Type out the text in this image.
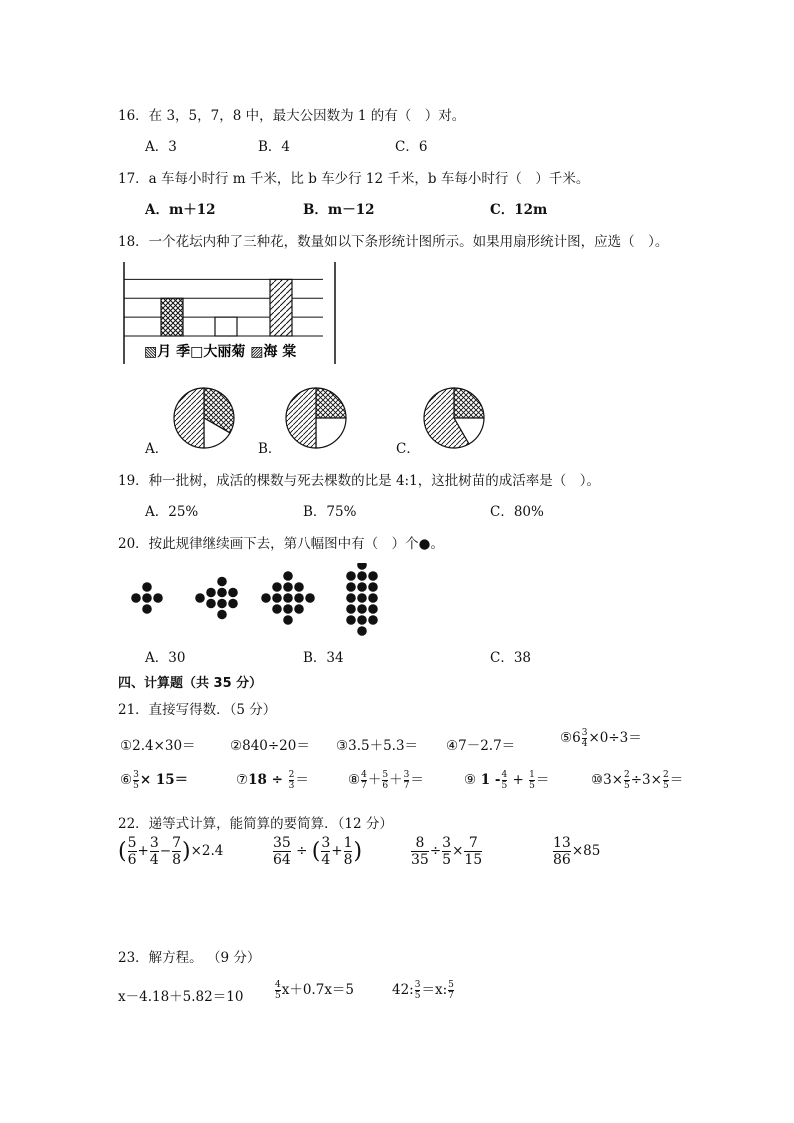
16．在 3，5，7，8 中，最大公因数为 1 的有（　）对。
A．3	B．4	C．6
17．a 车每小时行 m 千米，比 b 车少行 12 千米，b 车每小时行（　）千米。
A．m＋12	B．m－12	C．12m
18．一个花坛内种了三种花，数量如以下条形统计图所示。如果用扇形统计图，应选（　）。
▧月 季□大丽菊 ▨海 棠
A．	B．	C．
19．种一批树，成活的棵数与死去棵数的比是 4:1，这批树苗的成活率是（　）。
A．25%	B．75%	C．80%
20．按此规律继续画下去，第八幅图中有（　）个●。
A．30	B．34	C．38
四、计算题（共 35 分）
21．直接写得数．（5 分）
①2.4×30＝	②840÷20＝ ③3.5＋5.3＝ ④7－2.7＝	⑤6 $\frac{3}{4} \times 0\div 3=$
⑥ $\frac{3}{5} \times 15=$	⑦18 ÷ $\frac{2}{3}$ ＝	⑧ $\frac{4}{7} + \frac{5}{6} + \frac{3}{7}$ ＝	⑨ $1 - \frac{4}{5} + \frac{1}{5}$ ＝	⑩3× $\frac{2}{5} \div 3\times \frac{2}{5}$ ＝
22．递等式计算，能简算的要简算．（12 分）
( $\frac{5}{6} + \frac{3}{4} - \frac{7}{8} )\times 2.4$	$\frac{35}{64}$ ÷ ( $\frac{3}{4} + \frac{1}{8}$ )	$\frac{8}{35} \div \frac{3}{5} \times \frac{7}{15}$	$\frac{13}{86} \times 85$
23．解方程。 （9 分）
x－4.18＋5.82＝10	$\frac{4}{5} x+0.7x=5$	42: $\frac{3}{5} =x$: $\frac{5}{7}$
